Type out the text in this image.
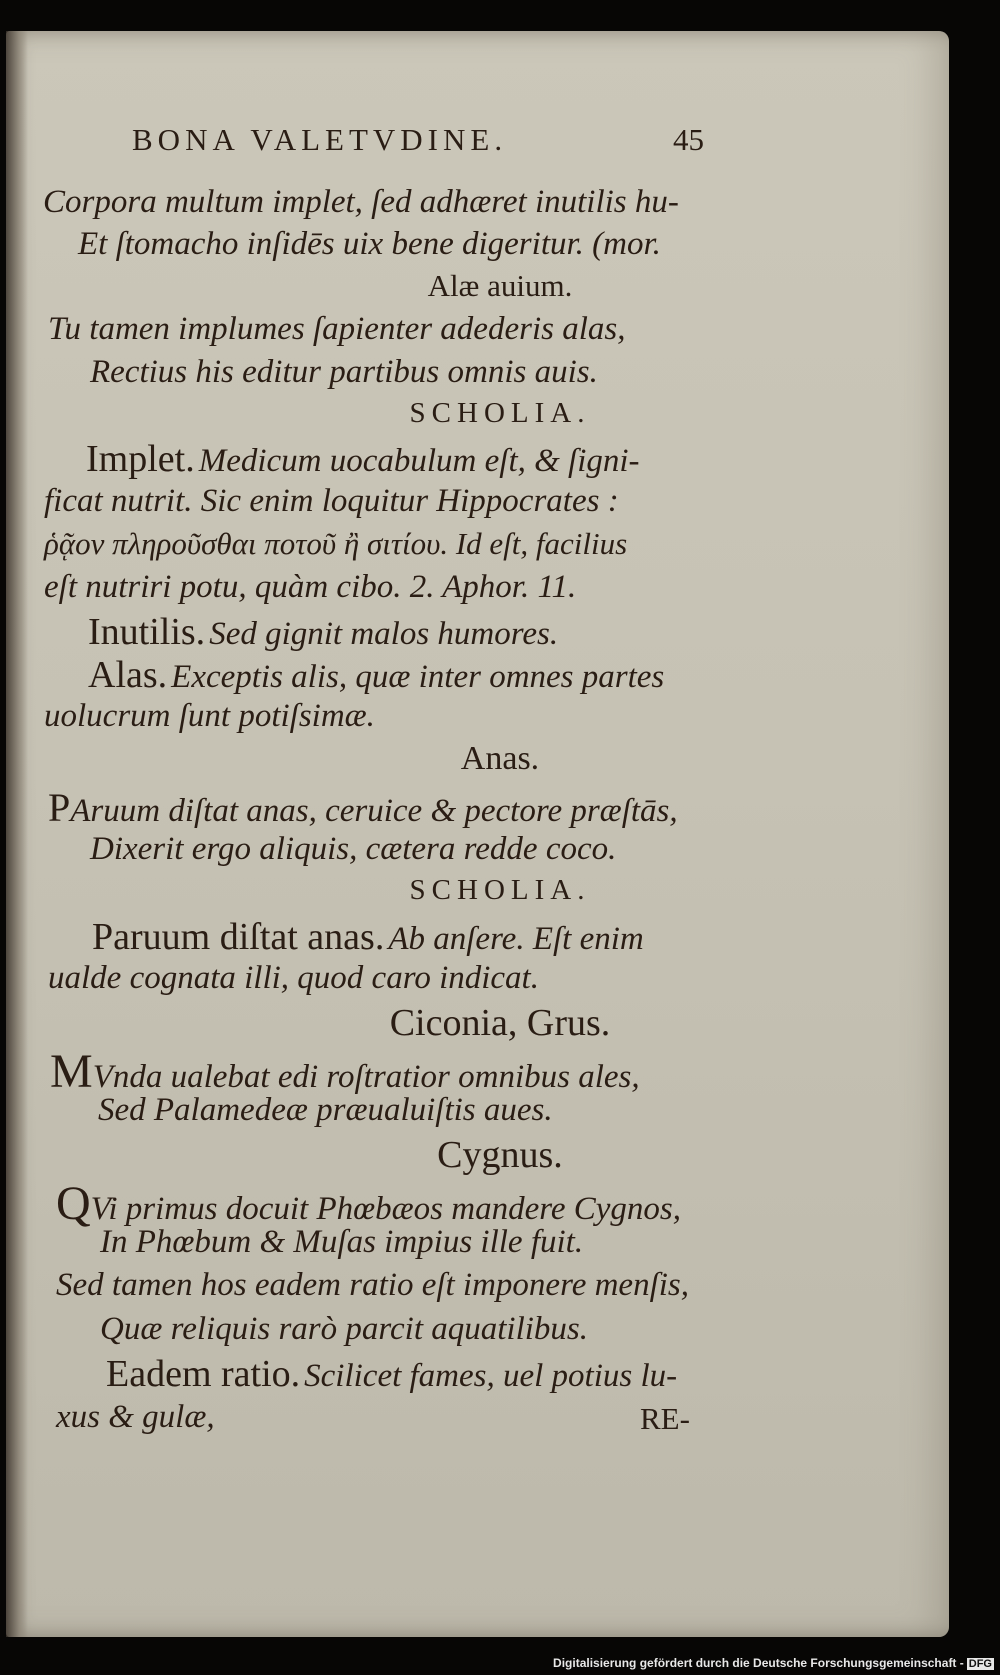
BONA VALETVDINE.	45

Corpora multum implet, ſed adhæret inutilis hu-

Et ſtomacho inſidēs uix bene digeritur. (mor.

Alæ auium.

Tu tamen implumes ſapienter adederis alas,

Rectius his editur partibus omnis auis.

SCHOLIA.

Implet. Medicum uocabulum eſt, & ſigni-

ficat nutrit. Sic enim loquitur Hippocrates :

ῥᾷον πληροῦσθαι ποτοῦ ἢ σιτίου. Id eſt, facilius

eſt nutriri potu, quàm cibo. 2. Aphor. 11.

Inutilis. Sed gignit malos humores.

Alas. Exceptis alis, quæ inter omnes partes

uolucrum ſunt potiſsimæ.

Anas.

PAruum diſtat anas, ceruice & pectore præſtās,

Dixerit ergo aliquis, cætera redde coco.

SCHOLIA.

Paruum diſtat anas. Ab anſere. Eſt enim

ualde cognata illi, quod caro indicat.

Ciconia, Grus.

MVnda ualebat edi roſtratior omnibus ales,

Sed Palamedeæ præualuiſtis aues.

Cygnus.

QVi primus docuit Phœbæos mandere Cygnos,

In Phœbum & Muſas impius ille fuit.

Sed tamen hos eadem ratio eſt imponere menſis,

Quæ reliquis rarò parcit aquatilibus.

Eadem ratio. Scilicet fames, uel potius lu-

xus & gulæ,	RE-
Digitalisierung gefördert durch die Deutsche Forschungsgemeinschaft - DFG
